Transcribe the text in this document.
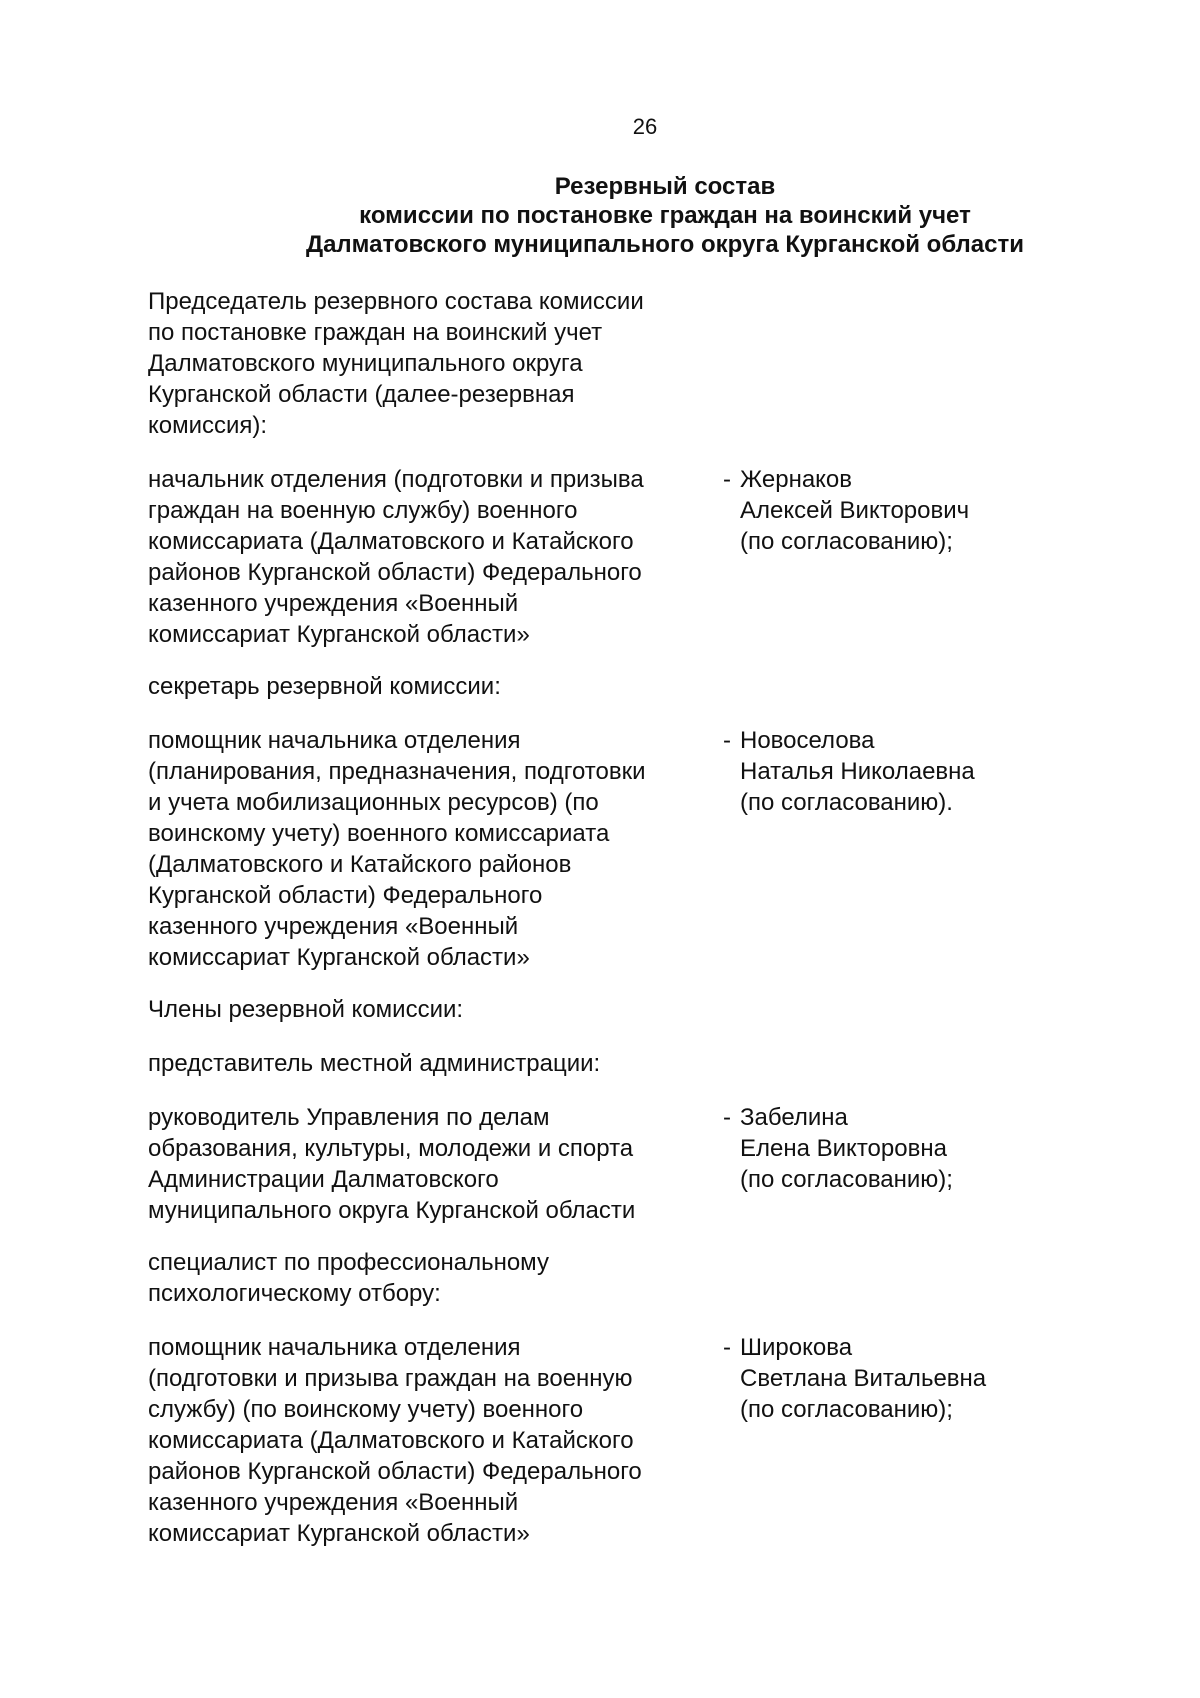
26
Резервный состав
комиссии по постановке граждан на воинский учет
Далматовского муниципального округа Курганской области
Председатель резервного состава комиссии
по постановке граждан на воинский учет
Далматовского муниципального округа
Курганской области (далее-резервная
комиссия):
начальник отделения (подготовки и призыва
граждан на военную службу) военного
комиссариата (Далматовского и Катайского
районов Курганской области) Федерального
казенного учреждения «Военный
комиссариат Курганской области»
- Жернаков
Алексей Викторович
(по согласованию);
секретарь резервной комиссии:
помощник начальника отделения
(планирования, предназначения, подготовки
и учета мобилизационных ресурсов) (по
воинскому учету) военного комиссариата
(Далматовского и Катайского районов
Курганской области) Федерального
казенного учреждения «Военный
комиссариат Курганской области»
- Новоселова
Наталья Николаевна
(по согласованию).
Члены резервной комиссии:
представитель местной администрации:
руководитель Управления по делам
образования, культуры, молодежи и спорта
Администрации Далматовского
муниципального округа Курганской области
- Забелина
Елена Викторовна
(по согласованию);
специалист по профессиональному
психологическому отбору:
помощник начальника отделения
(подготовки и призыва граждан на военную
службу) (по воинскому учету) военного
комиссариата (Далматовского и Катайского
районов Курганской области) Федерального
казенного учреждения «Военный
комиссариат Курганской области»
- Широкова
Светлана Витальевна
(по согласованию);
